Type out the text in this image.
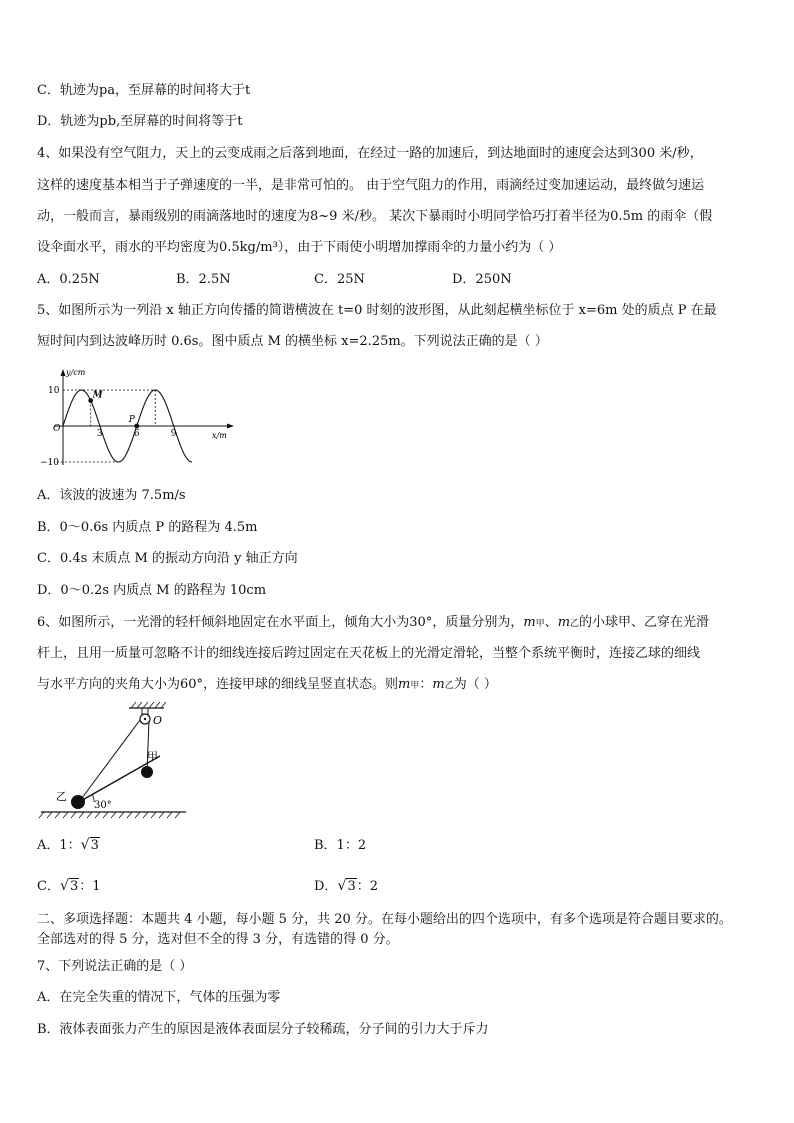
C．轨迹为pa，至屏幕的时间将大于t
D．轨迹为pb,至屏幕的时间将等于t
4、如果没有空气阻力，天上的云变成雨之后落到地面，在经过一路的加速后，到达地面时的速度会达到300 米/秒，
这样的速度基本相当于子弹速度的一半，是非常可怕的。 由于空气阻力的作用，雨滴经过变加速运动，最终做匀速运
动，一般而言，暴雨级别的雨滴落地时的速度为8~9 米/秒。 某次下暴雨时小明同学恰巧打着半径为0.5m 的雨伞（假
设伞面水平，雨水的平均密度为0.5kg/m³），由于下雨使小明增加撑雨伞的力量小约为（ ）
A．0.25N	B．2.5N	C．25N	D．250N
5、如图所示为一列沿 x 轴正方向传播的简谐横波在 t=0 时刻的波形图，从此刻起横坐标位于 x=6m 处的质点 P 在最
短时间内到达波峰历时 0.6s。图中质点 M 的横坐标 x=2.25m。下列说法正确的是（ ）
y/cm
x/m
10
−10
O	3	6	9
M
P
A．该波的波速为 7.5m/s
B．0～0.6s 内质点 P 的路程为 4.5m
C．0.4s 末质点 M 的振动方向沿 y 轴正方向
D．0～0.2s 内质点 M 的路程为 10cm
6、如图所示，一光滑的轻杆倾斜地固定在水平面上，倾角大小为30°，质量分别为，m甲、m乙的小球甲、乙穿在光滑
杆上，且用一质量可忽略不计的细线连接后跨过固定在天花板上的光滑定滑轮，当整个系统平衡时，连接乙球的细线
与水平方向的夹角大小为60°，连接甲球的细线呈竖直状态。则m甲：m乙为（ ）
O
甲
乙
30°
A．1： √ 3	B．1：2
C． √ 3：1	D． √ 3：2
二、多项选择题：本题共 4 小题，每小题 5 分，共 20 分。在每小题给出的四个选项中，有多个选项是符合题目要求的。
全部选对的得 5 分，选对但不全的得 3 分，有选错的得 0 分。
7、下列说法正确的是（ ）
A．在完全失重的情况下，气体的压强为零
B．液体表面张力产生的原因是液体表面层分子较稀疏，分子间的引力大于斥力
